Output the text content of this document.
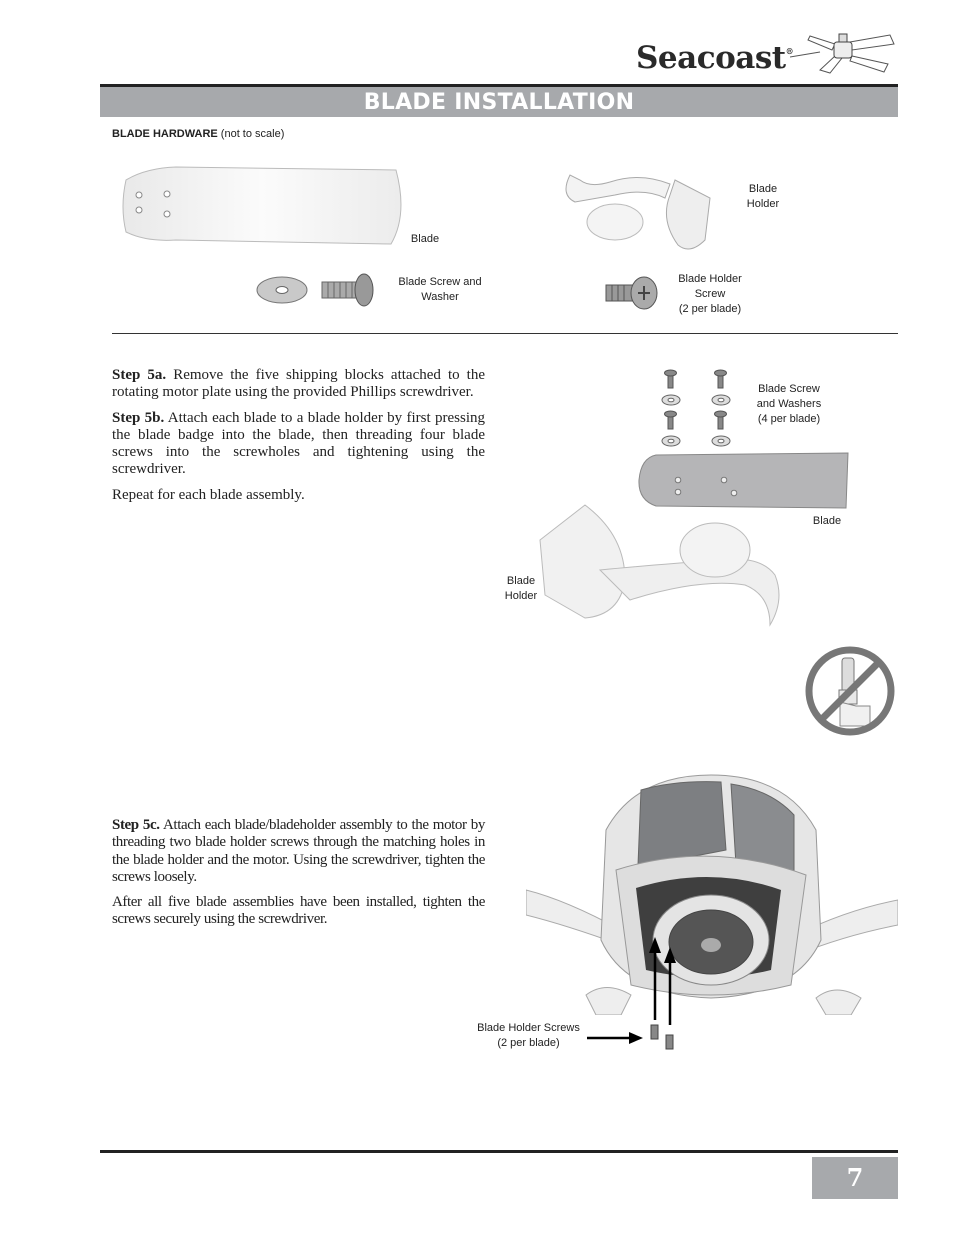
Seacoast®
BLADE INSTALLATION
BLADE HARDWARE (not to scale)
Blade
Blade
Holder
Blade Screw and
Washer
Blade Holder
Screw
(2 per blade)

Step 5a. Remove the five shipping blocks attached to the rotating motor plate using the provided Phillips screwdriver.

Step 5b. Attach each blade to a blade holder by first pressing the blade badge into the blade, then threading four blade screws into the screwholes and tightening using the screwdriver.

Repeat for each blade assembly.

Blade Screw
and Washers
(4 per blade)
Blade
Blade
Holder

Step 5c. Attach each blade/bladeholder assembly to the motor by threading two blade holder screws through the matching holes in the blade holder and the motor. Using the screwdriver, tighten the screws loosely.

After all five blade assemblies have been installed, tighten the screws securely using the screwdriver.

Blade Holder Screws
(2 per blade)
7
